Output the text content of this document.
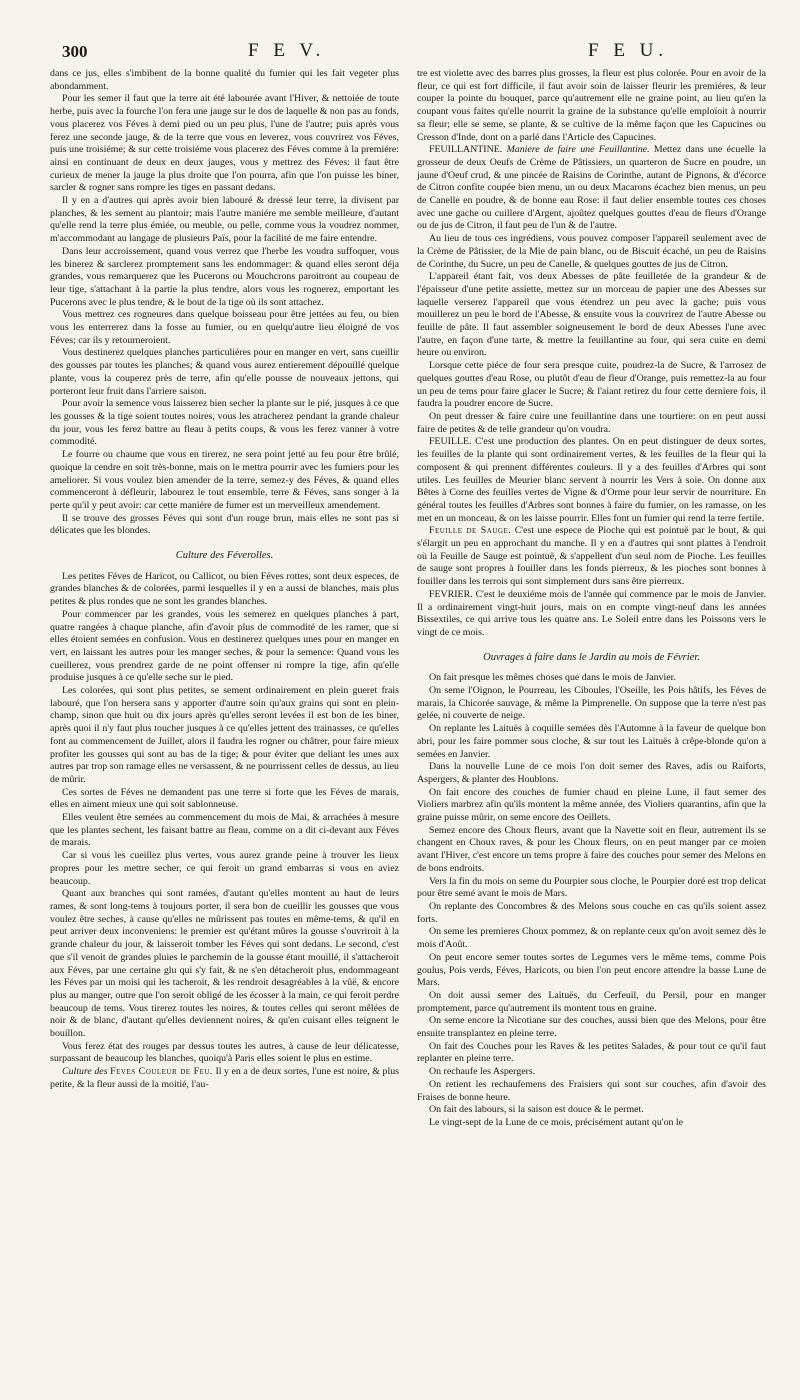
300	F E V.	F E U.

dans ce jus, elles s'imbibent de la bonne qualité du fumier qui les fait vegeter plus abondamment.

Pour les semer il faut que la terre ait été labourée avant l'Hiver, & nettoiée de toute herbe, puis avec la fourche l'on fera une jauge sur le dos de laquelle & non pas au fonds, vous placerez vos Féves à demi pied ou un peu plus, l'une de l'autre; puis après vous ferez une seconde jauge, & de la terre que vous en leverez, vous couvrirez vos Féves, puis une troisiéme; & sur cette troisiéme vous placerez des Féves comme à la premiére: ainsi en continuant de deux en deux jauges, vous y mettrez des Féves: il faut être curieux de mener la jauge la plus droite que l'on pourra, afin que l'on puisse les biner, sarcler & rogner sans rompre les tiges en passant dedans.

Il y en a d'autres qui après avoir bien labouré & dressé leur terre, la divisent par planches, & les sement au plantoir; mais l'autre maniére me semble meilleure, d'autant qu'elle rend la terre plus émiée, ou meuble, ou pelle, comme vous la voudrez nommer, m'accommodant au langage de plusieurs Païs, pour la facilité de me faire entendre.

Dans leur accroissement, quand vous verrez que l'herbe les voudra suffoquer, vous les binerez & sarclerez promptement sans les endommager: & quand elles seront déja grandes, vous remarquerez que les Pucerons ou Mouchcrons paroitront au coupeau de leur tige, s'attachant à la partie la plus tendre, alors vous les rognerez, emportant les Pucerons avec le plus tendre, & le bout de la tige où ils sont attachez.

Vous mettrez ces rogneures dans quelque boisseau pour être jettées au feu, ou bien vous les enterrerez dans la fosse au fumier, ou en quelqu'autre lieu éloigné de vos Féves; car ils y retourneroient.

Vous destinerez quelques planches particuliéres pour en manger en vert, sans cueillir des gousses par toutes les planches; & quand vous aurez entierement dépouillé quelque plante, vous la couperez près de terre, afin qu'elle pousse de nouveaux jettons, qui porteront leur fruit dans l'arriere saison.

Pour avoir la semence vous laisserez bien secher la plante sur le pié, jusques à ce que les gousses & la tige soient toutes noires, vous les atracherez pendant la grande chaleur du jour, vous les ferez battre au fleau à petits coups, & vous les ferez vanner à votre commodité.

Le fourre ou chaume que vous en tirerez, ne sera point jetté au feu pour être brûlé, quoique la cendre en soit très-bonne, mais on le mettra pourrir avec les fumiers pour les ameliorer. Si vous voulez bien amender de la terre, semez-y des Féves, & quand elles commenceront à défleurir, labourez le tout ensemble, terre & Féves, sans songer à la perte qu'il y peut avoir: car cette maniére de fumer est un merveilleux amendement.

Il se trouve des grosses Féves qui sont d'un rouge brun, mais elles ne sont pas si délicates que les blondes.

Culture des Féverolles.

Les petites Féves de Haricot, ou Callicot, ou bien Féves rottes, sont deux especes, de grandes blanches & de colorées, parmi lesquelles il y en a aussi de blanches, mais plus petites & plus rondes que ne sont les grandes blanches.

Pour commencer par les grandes, vous les semerez en quelques planches à part, quatre rangées à chaque planche, afin d'avoir plus de commodité de les ramer, que si elles étoient semées en confusion. Vous en destinerez quelques unes pour en manger en vert, en laissant les autres pour les manger seches, & pour la semence: Quand vous les cueillerez, vous prendrez garde de ne point offenser ni rompre la tige, afin qu'elle produise jusques à ce qu'elle seche sur le pied.

Les colorées, qui sont plus petites, se sement ordinairement en plein gueret frais labouré, que l'on hersera sans y apporter d'autre soin qu'aux grains qui sont en plein-champ, sinon que huit ou dix jours après qu'elles seront levées il est bon de les biner, après quoi il n'y faut plus toucher jusques à ce qu'elles jettent des trainasses, ce qu'elles font au commencement de Juillet, alors il faudra les rogner ou châtrer, pour faire mieux profiter les gousses qui sont au bas de la tige; & pour éviter que deliant les unes aux autres par trop son ramage elles ne versassent, & ne pourrissent celles de dessus, au lieu de mûrir.

Ces sortes de Féves ne demandent pas une terre si forte que les Féves de marais, elles en aiment mieux une qui soit sablonneuse.

Elles veulent être semées au commencement du mois de Mai, & arrachées à mesure que les plantes sechent, les faisant battre au fleau, comme on a dit ci-devant aux Féves de marais.

Car si vous les cueillez plus vertes, vous aurez grande peine à trouver les lieux propres pour les mettre secher, ce qui feroit un grand embarras si vous en aviez beaucoup.

Quant aux branches qui sont ramées, d'autant qu'elles montent au haut de leurs rames, & sont long-tems à toujours porter, il sera bon de cueillir les gousses que vous voulez être seches, à cause qu'elles ne mûrissent pas toutes en même-tems, & qu'il en peut arriver deux inconveniens: le premier est qu'étant mûres la gousse s'ouvriroit à la grande chaleur du jour, & laisseroit tomber les Féves qui sont dedans. Le second, c'est que s'il venoit de grandes pluies le parchemin de la gousse étant mouillé, il s'attacheroit aux Féves, par une certaine glu qui s'y fait, & ne s'en détacheroit plus, endommageant les Féves par un moisi qui les tacheroit, & les rendroit desagréables à la vûë, & encore plus au manger, outre que l'on seroit obligé de les écosser à la main, ce qui feroit perdre beaucoup de tems. Vous tirerez toutes les noires, & toutes celles qui seront mêlées de noir & de blanc, d'autant qu'elles deviennent noires, & qu'en cuisant elles teignent le bouillon.

Vous ferez état des rouges par dessus toutes les autres, à cause de leur délicatesse, surpassant de beaucoup les blanches, quoiqu'à Paris elles soient le plus en estime.

Culture des Feves Couleur de Feu. Il y en a de deux sortes, l'une est noire, & plus petite, & la fleur aussi de la moitié, l'au-

tre est violette avec des barres plus grosses, la fleur est plus colorée. Pour en avoir de la fleur, ce qui est fort difficile, il faut avoir soin de laisser fleurir les premiéres, & leur couper la pointe du bouquet, parce qu'autrement elle ne graine point, au lieu qu'en la coupant vous faites qu'elle nourrit la graine de la substance qu'elle emploïoit à nourrir sa fleur; elle se seme, se plante, & se cultive de la même façon que les Capucines ou Cresson d'Inde, dont on a parlé dans l'Article des Capucines.

FEUILLANTINE. Maniere de faire une Feuillantine. Mettez dans une écuelle la grosseur de deux Oeufs de Crème de Pâtissiers, un quarteron de Sucre en poudre, un jaune d'Oeuf crud, & une pincée de Raisins de Corinthe, autant de Pignons, & d'écorce de Citron confite coupée bien menu, un ou deux Macarons écachez bien menus, un peu de Canelle en poudre, & de bonne eau Rose: il faut delier ensemble toutes ces choses avec une gache ou cuillere d'Argent, ajoûtez quelques gouttes d'eau de fleurs d'Orange ou de jus de Citron, il faut peu de l'un & de l'autre.

Au lieu de tous ces ingrédiens, vous pouvez composer l'appareil seulement avec de la Crème de Pâtissier, de la Mie de pain blanc, ou de Biscuit écaché, un peu de Raisins de Corinthe, du Sucre, un peu de Canelle, & quelques gouttes de jus de Citron.

L'appareil étant fait, vos deux Abesses de pâte feuilletée de la grandeur & de l'épaisseur d'une petite assiette, mettez sur un morceau de papier une des Abesses sur laquelle verserez l'appareil que vous étendrez un peu avec la gache; puis vous mouillerez un peu le bord de l'Abesse, & ensuite vous la couvrirez de l'autre Abesse ou feuille de pâte. Il faut assembler soigneusement le bord de deux Abesses l'une avec l'autre, en façon d'une tarte, & mettre la feuillantine au four, qui sera cuite en demi heure ou environ.

Lorsque cette piéce de four sera presque cuite, poudrez-la de Sucre, & l'arrosez de quelques gouttes d'eau Rose, ou plutôt d'eau de fleur d'Orange, puis remettez-la au four un peu de tems pour faire glacer le Sucre; & l'aiant retirez du four cette derniere fois, il faudra la poudrer encore de Sucre.

On peut dresser & faire cuire une feuillantine dans une tourtiere: on en peut aussi faire de petites & de telle grandeur qu'on voudra.

FEUILLE. C'est une production des plantes. On en peut distinguer de deux sortes, les feuilles de la plante qui sont ordinairement vertes, & les feuilles de la fleur qui la composent & qui prennent différentes couleurs. Il y a des feuilles d'Arbres qui sont utiles. Les feuilles de Meurier blanc servent à nourrir les Vers à soie. On donne aux Bêtes à Corne des feuilles vertes de Vigne & d'Orme pour leur servir de nourriture. En général toutes les feuilles d'Arbres sont bonnes à faire du fumier, on les ramasse, on les met en un monceau, & on les laisse pourrir. Elles font un fumier qui rend la terre fertile.

Feuille de Sauge. C'est une espece de Pioche qui est pointuë par le bout, & qui s'élargit un peu en approchant du manche. Il y en a d'autres qui sont plattes à l'endroit où la Feuille de Sauge est pointuë, & s'appellent d'un seul nom de Pioche. Les feuilles de sauge sont propres à fouiller dans les fonds pierreux, & les pioches sont bonnes à fouiller dans les terrois qui sont simplement durs sans être pierreux.

FEVRIER. C'est le deuxiéme mois de l'année qui commence par le mois de Janvier. Il a ordinairement vingt-huit jours, mais on en compte vingt-neuf dans les années Bissextiles, ce qui arrive tous les quatre ans. Le Soleil entre dans les Poissons vers le vingt de ce mois.

Ouvrages à faire dans le Jardin au mois de Février.

On fait presque les mêmes choses que dans le mois de Janvier.

On seme l'Oignon, le Pourreau, les Ciboules, l'Oseille, les Pois hâtifs, les Féves de marais, la Chicorée sauvage, & même la Pimprenelle. On suppose que la terre n'est pas gelée, ni couverte de neige.

On replante les Laituës à coquille semées dès l'Automne à la faveur de quelque bon abri, pour les faire pommer sous cloche, & sur tout les Laituës à crêpe-blonde qu'on a semées en Janvier.

Dans la nouvelle Lune de ce mois l'on doit semer des Raves, adis ou Raiforts, Aspergers, & planter des Houblons.

On fait encore des couches de fumier chaud en pleine Lune, il faut semer des Violiers marbrez afin qu'ils montent la même année, des Violiers quarantins, afin que la graine puisse mûrir, on seme encore des Oeillets.

Semez encore des Choux fleurs, avant que la Navette soit en fleur, autrement ils se changent en Choux raves, & pour les Choux fleurs, on en peut manger par ce moien avant l'Hiver, c'est encore un tems propre à faire des couches pour semer des Melons en de bons endroits.

Vers la fin du mois on seme du Pourpier sous cloche, le Pourpier doré est trop delicat pour être semé avant le mois de Mars.

On replante des Concombres & des Melons sous couche en cas qu'ils soient assez forts.

On seme les premieres Choux pommez, & on replante ceux qu'on avoit semez dès le mois d'Août.

On peut encore semer toutes sortes de Legumes vers le même tems, comme Pois goulus, Pois verds, Féves, Haricots, ou bien l'on peut encore attendre la basse Lune de Mars.

On doit aussi semer des Laituës, du Cerfeuil, du Persil, pour en manger promptement, parce qu'autrement ils montent tous en graine.

On seme encore la Nicotiane sur des couches, aussi bien que des Melons, pour être ensuite transplantez en pleine terre.

On fait des Couches pour les Raves & les petites Salades, & pour tout ce qu'il faut replanter en pleine terre.

On rechaufe les Aspergers.

On retient les rechaufemens des Fraisiers qui sont sur couches, afin d'avoir des Fraises de bonne heure.

On fait des labours, si la saison est douce & le permet.

Le vingt-sept de la Lune de ce mois, précisément autant qu'on le
